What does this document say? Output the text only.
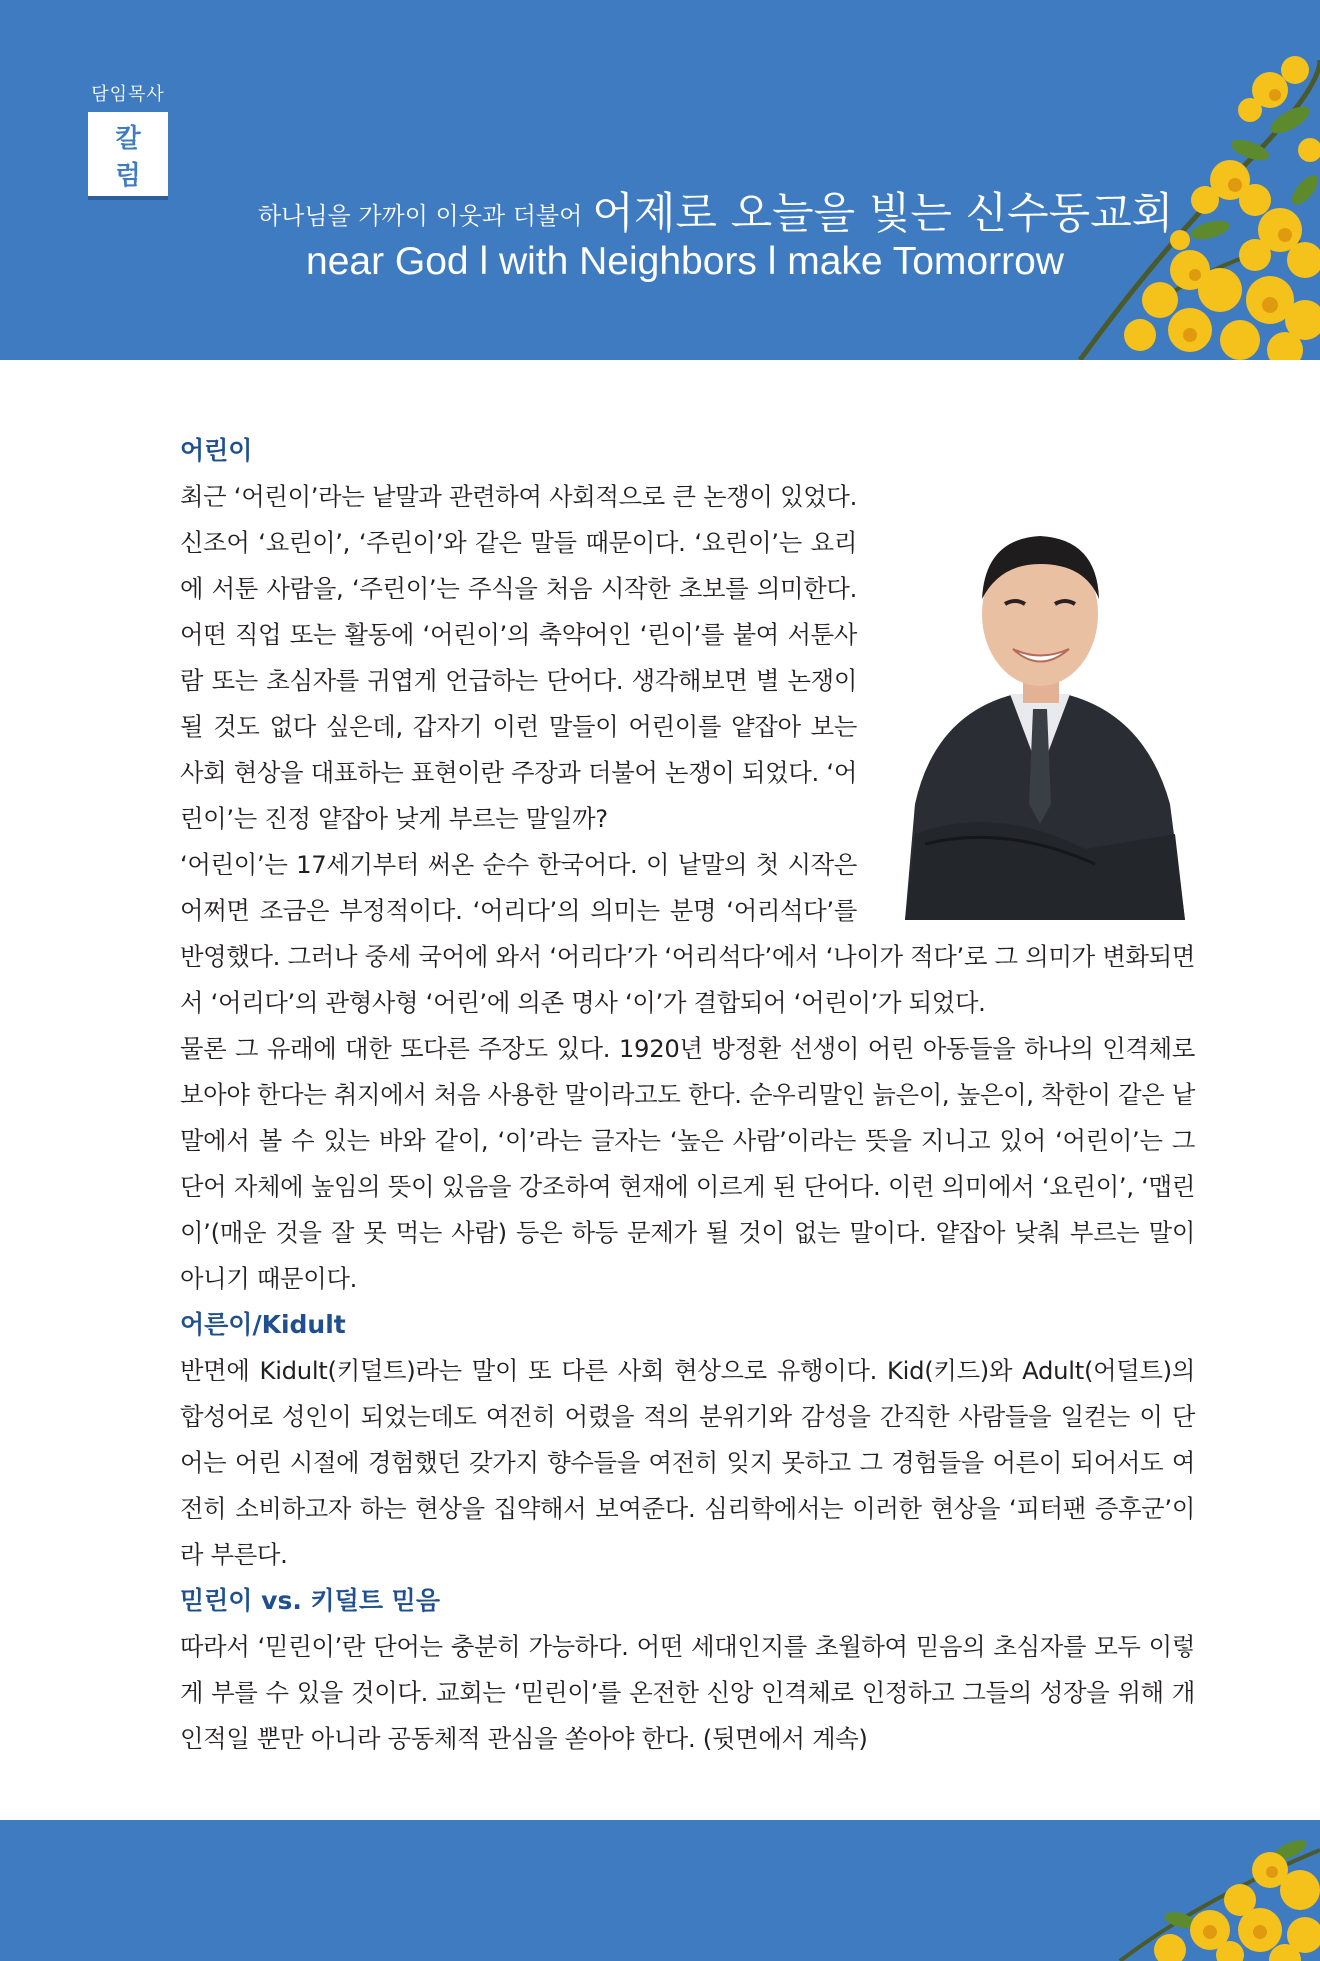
담임목사
칼 럼
하나님을 가까이 이웃과 더불어 어제로 오늘을 빛는 신수동교회
near God l with Neighbors l make Tomorrow
어린이

최근 ‘어린이’라는 낱말과 관련하여 사회적으로 큰 논쟁이 있었다. 신조어 ‘요린이’, ‘주린이’와 같은 말들 때문이다. ‘요린이’는 요리에 서툰 사람을, ‘주린이’는 주식을 처음 시작한 초보를 의미한다. 어떤 직업 또는 활동에 ‘어린이’의 축약어인 ‘린이’를 붙여 서툰사람 또는 초심자를 귀엽게 언급하는 단어다. 생각해보면 별 논쟁이 될 것도 없다 싶은데, 갑자기 이런 말들이 어린이를 얕잡아 보는 사회 현상을 대표하는 표현이란 주장과 더불어 논쟁이 되었다. ‘어린이’는 진정 얕잡아 낮게 부르는 말일까?

‘어린이’는 17세기부터 써온 순수 한국어다. 이 낱말의 첫 시작은 어쩌면 조금은 부정적이다. ‘어리다’의 의미는 분명 ‘어리석다’를 반영했다. 그러나 중세 국어에 와서 ‘어리다’가 ‘어리석다’에서 ‘나이가 적다’로 그 의미가 변화되면서 ‘어리다’의 관형사형 ‘어린’에 의존 명사 ‘이’가 결합되어 ‘어린이’가 되었다.

물론 그 유래에 대한 또다른 주장도 있다. 1920년 방정환 선생이 어린 아동들을 하나의 인격체로 보아야 한다는 취지에서 처음 사용한 말이라고도 한다. 순우리말인 늙은이, 높은이, 착한이 같은 낱말에서 볼 수 있는 바와 같이, ‘이’라는 글자는 ‘높은 사람’이라는 뜻을 지니고 있어 ‘어린이’는 그 단어 자체에 높임의 뜻이 있음을 강조하여 현재에 이르게 된 단어다. 이런 의미에서 ‘요린이’, ‘맵린이’(매운 것을 잘 못 먹는 사람) 등은 하등 문제가 될 것이 없는 말이다. 얕잡아 낮춰 부르는 말이 아니기 때문이다.

어른이/Kidult

반면에 Kidult(키덜트)라는 말이 또 다른 사회 현상으로 유행이다. Kid(키드)와 Adult(어덜트)의 합성어로 성인이 되었는데도 여전히 어렸을 적의 분위기와 감성을 간직한 사람들을 일컫는 이 단어는 어린 시절에 경험했던 갖가지 향수들을 여전히 잊지 못하고 그 경험들을 어른이 되어서도 여전히 소비하고자 하는 현상을 집약해서 보여준다. 심리학에서는 이러한 현상을 ‘피터팬 증후군’이라 부른다.

믿린이 vs. 키덜트 믿음

따라서 ‘믿린이’란 단어는 충분히 가능하다. 어떤 세대인지를 초월하여 믿음의 초심자를 모두 이렇게 부를 수 있을 것이다. 교회는 ‘믿린이’를 온전한 신앙 인격체로 인정하고 그들의 성장을 위해 개인적일 뿐만 아니라 공동체적 관심을 쏟아야 한다. (뒷면에서 계속)
